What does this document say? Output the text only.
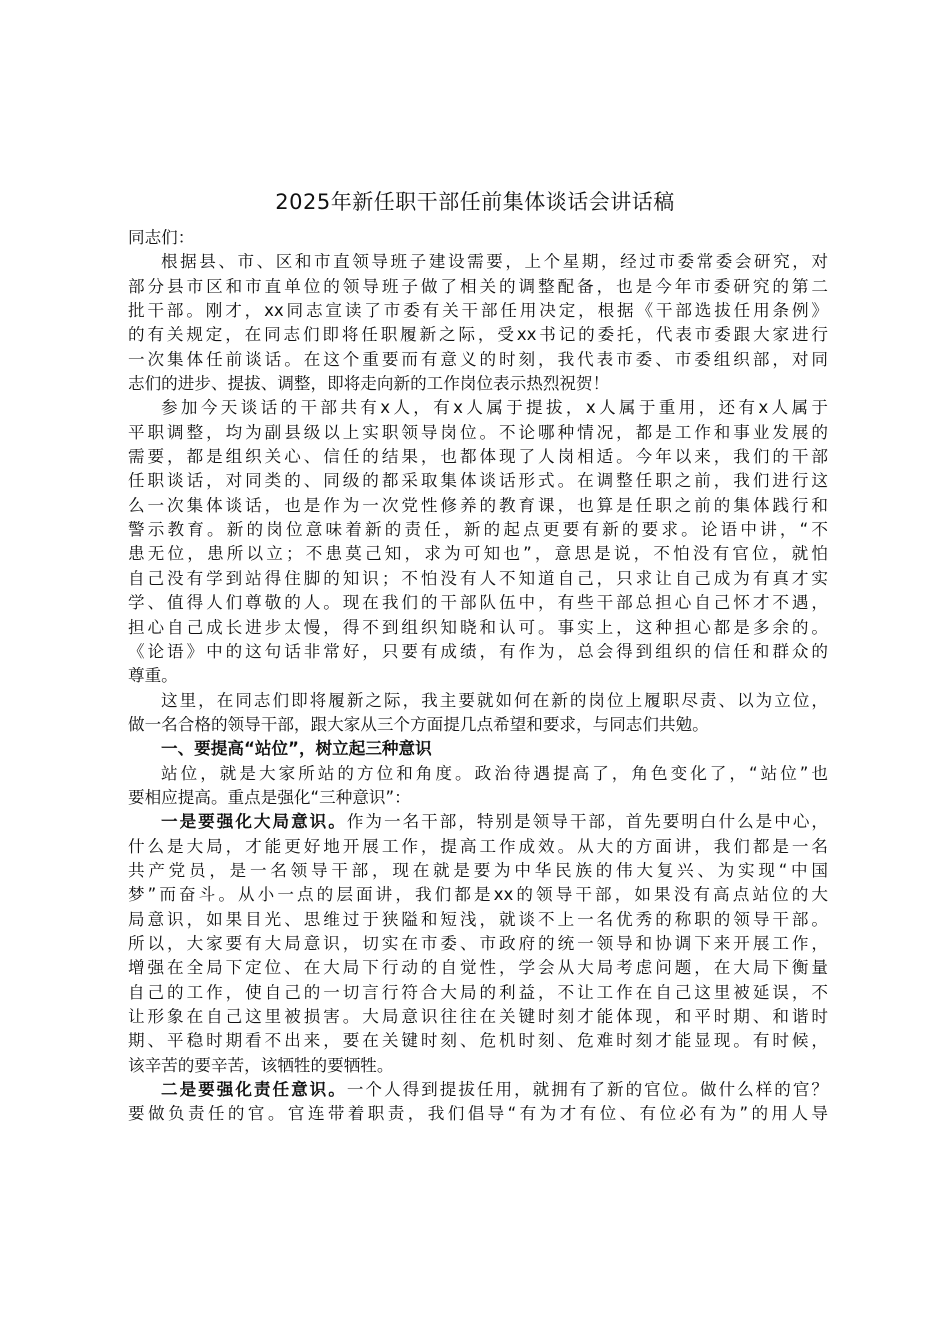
2025年新任职干部任前集体谈话会讲话稿
同志们：
根据县、市、区和市直领导班子建设需要，上个星期，经过市委常委会研究，对
部分县市区和市直单位的领导班子做了相关的调整配备，也是今年市委研究的第二
批干部。刚才，xx同志宣读了市委有关干部任用决定，根据《干部选拔任用条例》
的有关规定，在同志们即将任职履新之际，受xx书记的委托，代表市委跟大家进行
一次集体任前谈话。在这个重要而有意义的时刻，我代表市委、市委组织部，对同
志们的进步、提拔、调整，即将走向新的工作岗位表示热烈祝贺！
参加今天谈话的干部共有x人，有x人属于提拔，x人属于重用，还有x人属于
平职调整，均为副县级以上实职领导岗位。不论哪种情况，都是工作和事业发展的
需要，都是组织关心、信任的结果，也都体现了人岗相适。今年以来，我们的干部
任职谈话，对同类的、同级的都采取集体谈话形式。在调整任职之前，我们进行这
么一次集体谈话，也是作为一次党性修养的教育课，也算是任职之前的集体践行和
警示教育。新的岗位意味着新的责任，新的起点更要有新的要求。论语中讲，“不
患无位，患所以立；不患莫己知，求为可知也”，意思是说，不怕没有官位，就怕
自己没有学到站得住脚的知识；不怕没有人不知道自己，只求让自己成为有真才实
学、值得人们尊敬的人。现在我们的干部队伍中，有些干部总担心自己怀才不遇，
担心自己成长进步太慢，得不到组织知晓和认可。事实上，这种担心都是多余的。
《论语》中的这句话非常好，只要有成绩，有作为，总会得到组织的信任和群众的
尊重。
这里，在同志们即将履新之际，我主要就如何在新的岗位上履职尽责、以为立位，
做一名合格的领导干部，跟大家从三个方面提几点希望和要求，与同志们共勉。
一、要提高“站位”，树立起三种意识
站位，就是大家所站的方位和角度。政治待遇提高了，角色变化了，“站位”也
要相应提高。重点是强化“三种意识”：
一是要强化大局意识。作为一名干部，特别是领导干部，首先要明白什么是中心，
什么是大局，才能更好地开展工作，提高工作成效。从大的方面讲，我们都是一名
共产党员，是一名领导干部，现在就是要为中华民族的伟大复兴、为实现“中国
梦”而奋斗。从小一点的层面讲，我们都是xx的领导干部，如果没有高点站位的大
局意识，如果目光、思维过于狭隘和短浅，就谈不上一名优秀的称职的领导干部。
所以，大家要有大局意识，切实在市委、市政府的统一领导和协调下来开展工作，
增强在全局下定位、在大局下行动的自觉性，学会从大局考虑问题，在大局下衡量
自己的工作，使自己的一切言行符合大局的利益，不让工作在自己这里被延误，不
让形象在自己这里被损害。大局意识往往在关键时刻才能体现，和平时期、和谐时
期、平稳时期看不出来，要在关键时刻、危机时刻、危难时刻才能显现。有时候，
该辛苦的要辛苦，该牺牲的要牺牲。
二是要强化责任意识。一个人得到提拔任用，就拥有了新的官位。做什么样的官？
要做负责任的官。官连带着职责，我们倡导“有为才有位、有位必有为”的用人导
